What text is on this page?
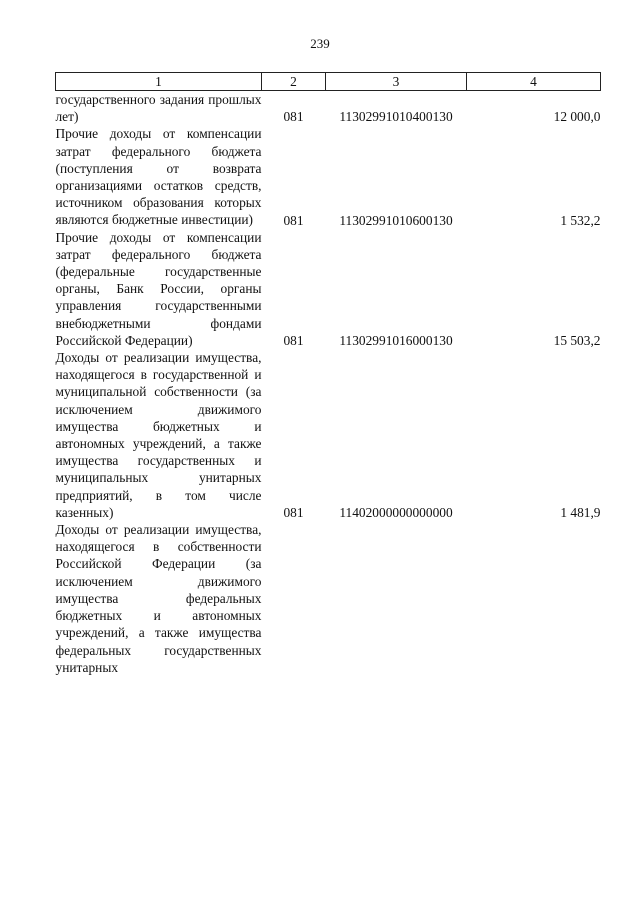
239
1	2	3	4
государственного задания прошлых лет)	081	11302991010400130	12 000,0
Прочие доходы от компенсации затрат федерального бюджета (поступления от возврата организациями остатков средств, источником образования которых являются бюджетные инвестиции)	081	11302991010600130	1 532,2
Прочие доходы от компенсации затрат федерального бюджета (федеральные государственные органы, Банк России, органы управления государственными внебюджетными фондами Российской Федерации)	081	11302991016000130	15 503,2
Доходы от реализации имущества, находящегося в государственной и муниципальной собственности (за исключением движимого имущества бюджетных и автономных учреждений, а также имущества государственных и муниципальных унитарных предприятий, в том числе казенных)	081	11402000000000000	1 481,9
Доходы от реализации имущества, находящегося в собственности Российской Федерации (за исключением движимого имущества федеральных бюджетных и автономных учреждений, а также имущества федеральных государственных унитарных			
